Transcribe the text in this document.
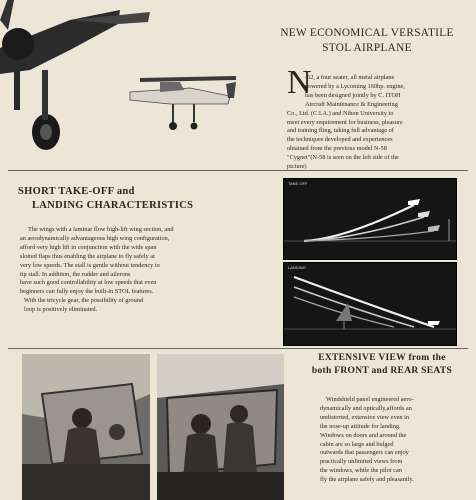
NEW ECONOMICAL VERSATILE
STOL AIRPLANE
N
-62, a four seater, all metal airplane
powered by a Lycoming 160hp. engine,
has been designed jointly by C. ITOH
Aircraft Maintenance & Engineering
Co., Ltd. (C.I.A.) and Nihon University to
meet every requirement for business, pleasure
and training fling, taking full advantage of
the techniques developed and experiences
obtained from the previous model N-58
"Cygnet"(N-58 is seen on the left side of the
picture)
SHORT TAKE-OFF and
LANDING CHARACTERISTICS
The wings with a laminar flow high-lift wing section, and
an aerodynamically advantageous high wing configuration,
afford very high lift in conjunction with the wide span
slotted flaps thus enabling the airplane to fly safely at
very low speeds. The stall is gentle without tendency to
tip stall. In addition, the rudder and ailerons
have such good controllability at low speeds that even
beginners can fully enjoy the built-in STOL features.
With the tricycle gear, the possibility of ground
loop is positively eliminated.
TAKE-OFF
LANDING
EXTENSIVE VIEW from the
both FRONT and REAR SEATS
Windshield panel engineered aero-
dynamically and optically,affords an
undistorted, extensive view even in
the nose-up attitude for landing.
Windows on doors and around the
cabin are so large and bulged
outwards that passengers can enjoy
practically unlimited views from
the windows, while the pilot can
fly the airplane safely and pleasantly.
